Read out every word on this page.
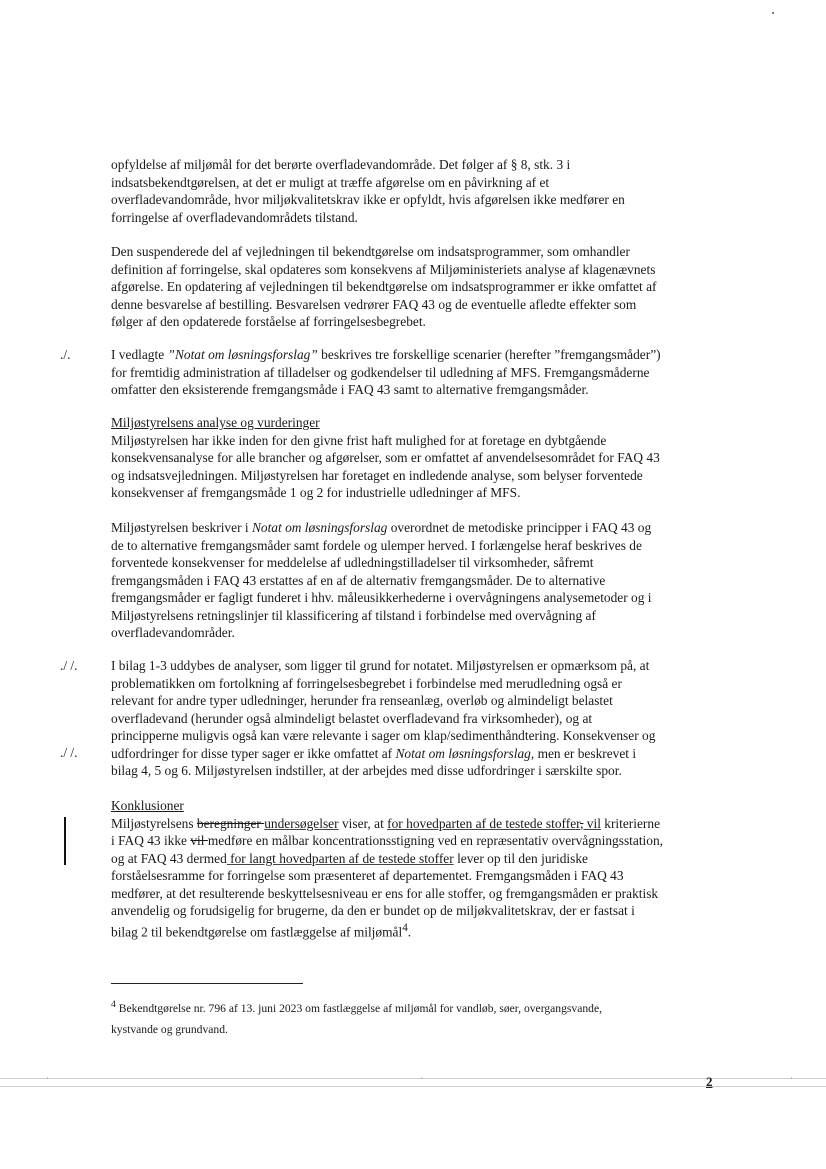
opfyldelse af miljømål for det berørte overfladevandområde. Det følger af § 8, stk. 3 i
indsatsbekendtgørelsen, at det er muligt at træffe afgørelse om en påvirkning af et
overfladevandområde, hvor miljøkvalitetskrav ikke er opfyldt, hvis afgørelsen ikke medfører en
forringelse af overfladevandområdets tilstand.
Den suspenderede del af vejledningen til bekendtgørelse om indsatsprogrammer, som omhandler
definition af forringelse, skal opdateres som konsekvens af Miljøministeriets analyse af klagenævnets
afgørelse. En opdatering af vejledningen til bekendtgørelse om indsatsprogrammer er ikke omfattet af
denne besvarelse af bestilling. Besvarelsen vedrører FAQ 43 og de eventuelle afledte effekter som
følger af den opdaterede forståelse af forringelsesbegrebet.
./.	I vedlagte ”Notat om løsningsforslag” beskrives tre forskellige scenarier (herefter ”fremgangsmåder”)
for fremtidig administration af tilladelser og godkendelser til udledning af MFS. Fremgangsmåderne
omfatter den eksisterende fremgangsmåde i FAQ 43 samt to alternative fremgangsmåder.
Miljøstyrelsens analyse og vurderinger
Miljøstyrelsen har ikke inden for den givne frist haft mulighed for at foretage en dybtgående
konsekvensanalyse for alle brancher og afgørelser, som er omfattet af anvendelsesområdet for FAQ 43
og indsatsvejledningen. Miljøstyrelsen har foretaget en indledende analyse, som belyser forventede
konsekvenser af fremgangsmåde 1 og 2 for industrielle udledninger af MFS.
Miljøstyrelsen beskriver i Notat om løsningsforslag overordnet de metodiske principper i FAQ 43 og
de to alternative fremgangsmåder samt fordele og ulemper herved. I forlængelse heraf beskrives de
forventede konsekvenser for meddelelse af udledningstilladelser til virksomheder, såfremt
fremgangsmåden i FAQ 43 erstattes af en af de alternativ fremgangsmåder. De to alternative
fremgangsmåder er fagligt funderet i hhv. måleusikkerhederne i overvågningens analysemetoder og i
Miljøstyrelsens retningslinjer til klassificering af tilstand i forbindelse med overvågning af
overfladevandområder.
./ /.
./ /.
I bilag 1-3 uddybes de analyser, som ligger til grund for notatet. Miljøstyrelsen er opmærksom på, at
problematikken om fortolkning af forringelsesbegrebet i forbindelse med merudledning også er
relevant for andre typer udledninger, herunder fra renseanlæg, overløb og almindeligt belastet
overfladevand (herunder også almindeligt belastet overfladevand fra virksomheder), og at
principperne muligvis også kan være relevante i sager om klap/sedimenthåndtering. Konsekvenser og
udfordringer for disse typer sager er ikke omfattet af Notat om løsningsforslag, men er beskrevet i
bilag 4, 5 og 6. Miljøstyrelsen indstiller, at der arbejdes med disse udfordringer i særskilte spor.
Konklusioner
Miljøstyrelsens beregninger undersøgelser viser, at for hovedparten af de testede stoffer, vil kriterierne
i FAQ 43 ikke vil medføre en målbar koncentrationsstigning ved en repræsentativ overvågningsstation,
og at FAQ 43 dermed for langt hovedparten af de testede stoffer lever op til den juridiske
forståelsesramme for forringelse som præsenteret af departementet. Fremgangsmåden i FAQ 43
medfører, at det resulterende beskyttelsesniveau er ens for alle stoffer, og fremgangsmåden er praktisk
anvendelig og forudsigelig for brugerne, da den er bundet op de miljøkvalitetskrav, der er fastsat i
bilag 2 til bekendtgørelse om fastlæggelse af miljømål$^4$.
$^4$ Bekendtgørelse nr. 796 af 13. juni 2023 om fastlæggelse af miljømål for vandløb, søer, overgangsvande,
kystvande og grundvand.
·	·	·
2
